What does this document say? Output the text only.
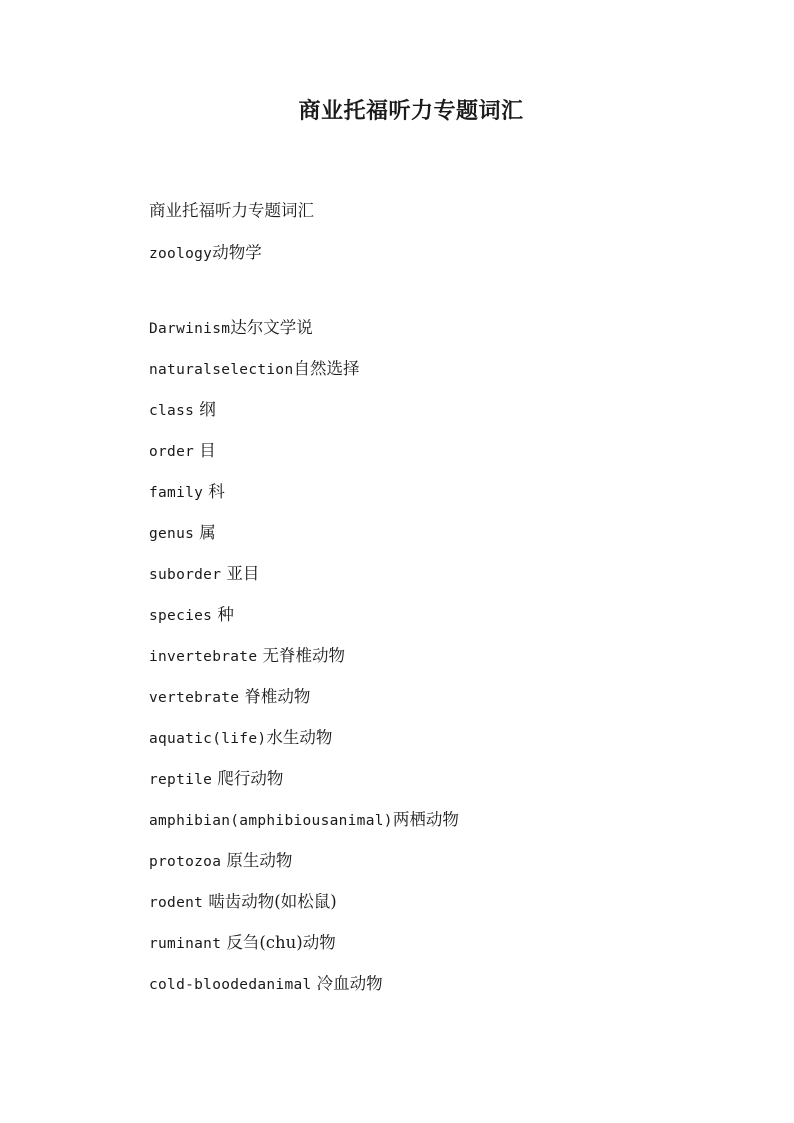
商业托福听力专题词汇

商业托福听力专题词汇

zoology动物学

Darwinism达尔文学说

naturalselection自然选择

class 纲

order 目

family 科

genus 属

suborder 亚目

species 种

invertebrate 无脊椎动物

vertebrate 脊椎动物

aquatic(life)水生动物

reptile 爬行动物

amphibian(amphibiousanimal)两栖动物

protozoa 原生动物

rodent 啮齿动物(如松鼠)

ruminant 反刍(chu)动物

cold-bloodedanimal 冷血动物
